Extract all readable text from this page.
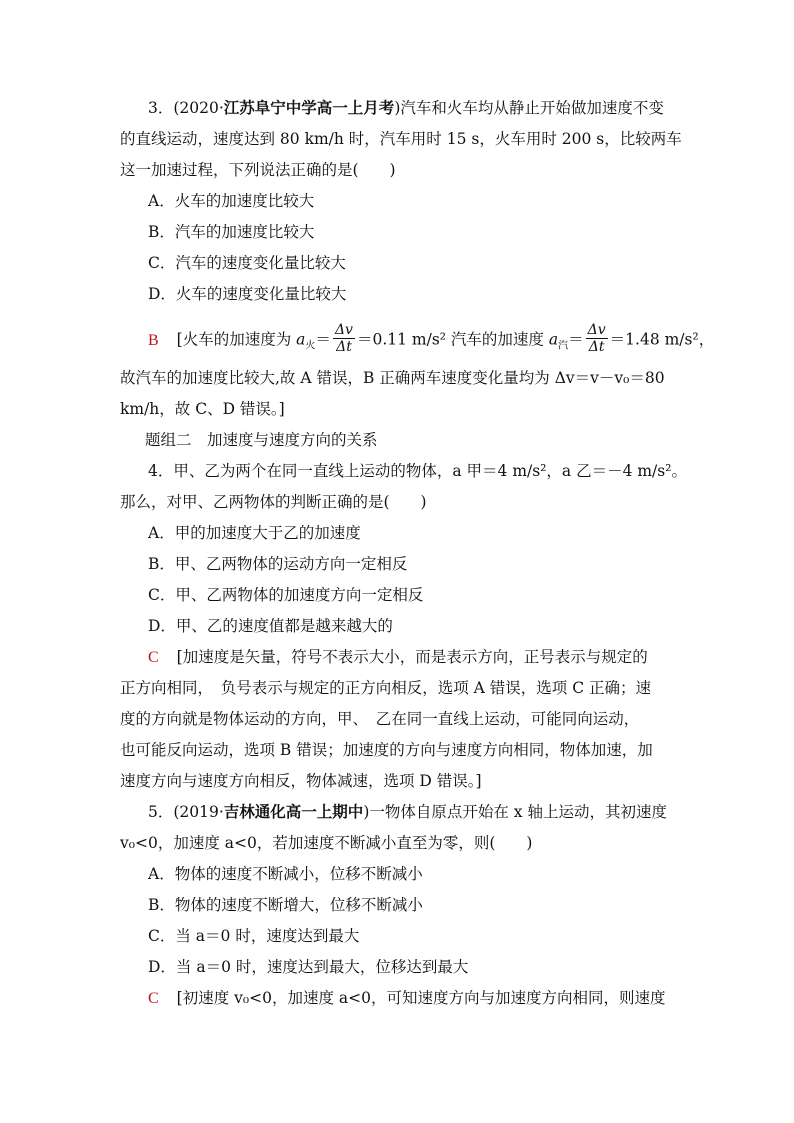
3．(2020·江苏阜宁中学高一上月考)汽车和火车均从静止开始做加速度不变
的直线运动，速度达到 80 km/h 时，汽车用时 15 s，火车用时 200 s，比较两车
这一加速过程，下列说法正确的是(　　)
A．火车的加速度比较大
B．汽车的加速度比较大
C．汽车的速度变化量比较大
D．火车的速度变化量比较大
B [火车的加速度为 $a_火= \frac{\Delta v}{\Delta t} =0.11$ m/s² 汽车的加速度 $a_汽= \frac{\Delta v}{\Delta t} =1.48$ m/s²，
故汽车的加速度比较大,故 A 错误，B 正确两车速度变化量均为 Δv＝v－v₀＝80
km/h，故 C、D 错误。]
题组二　加速度与速度方向的关系
4．甲、乙为两个在同一直线上运动的物体，a 甲＝4 m/s²，a 乙＝－4 m/s²。
那么，对甲、乙两物体的判断正确的是(　　)
A．甲的加速度大于乙的加速度
B．甲、乙两物体的运动方向一定相反
C．甲、乙两物体的加速度方向一定相反
D．甲、乙的速度值都是越来越大的
C [加速度是矢量，符号不表示大小，而是表示方向，正号表示与规定的
正方向相同，　负号表示与规定的正方向相反，选项 A 错误，选项 C 正确；速
度的方向就是物体运动的方向，甲、　乙在同一直线上运动，可能同向运动，
也可能反向运动，选项 B 错误；加速度的方向与速度方向相同，物体加速，加
速度方向与速度方向相反，物体减速，选项 D 错误。]
5．(2019·吉林通化高一上期中)一物体自原点开始在 x 轴上运动，其初速度
v₀<0，加速度 a<0，若加速度不断减小直至为零，则(　　)
A．物体的速度不断减小，位移不断减小
B．物体的速度不断增大，位移不断减小
C．当 a＝0 时，速度达到最大
D．当 a＝0 时，速度达到最大，位移达到最大
C [初速度 v₀<0，加速度 a<0，可知速度方向与加速度方向相同，则速度
